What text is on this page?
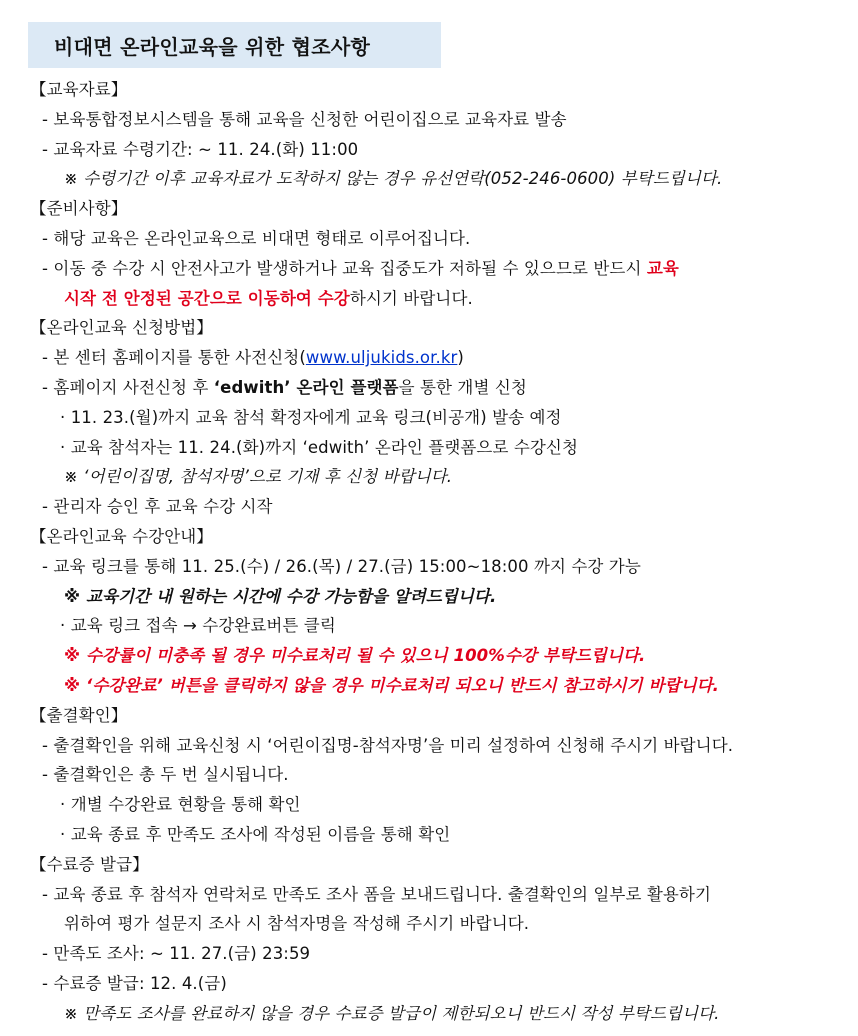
비대면 온라인교육을 위한 협조사항
【교육자료】
- 보육통합정보시스템을 통해 교육을 신청한 어린이집으로 교육자료 발송
- 교육자료 수령기간: ~ 11. 24.(화) 11:00
※ 수령기간 이후 교육자료가 도착하지 않는 경우 유선연락(052-246-0600) 부탁드립니다.
【준비사항】
- 해당 교육은 온라인교육으로 비대면 형태로 이루어집니다.
- 이동 중 수강 시 안전사고가 발생하거나 교육 집중도가 저하될 수 있으므로 반드시 교육
시작 전 안정된 공간으로 이동하여 수강하시기 바랍니다.
【온라인교육 신청방법】
- 본 센터 홈페이지를 통한 사전신청(www.uljukids.or.kr)
- 홈페이지 사전신청 후 ‘edwith’ 온라인 플랫폼을 통한 개별 신청
· 11. 23.(월)까지 교육 참석 확정자에게 교육 링크(비공개) 발송 예정
· 교육 참석자는 11. 24.(화)까지 ‘edwith’ 온라인 플랫폼으로 수강신청
※ ‘어린이집명, 참석자명’으로 기재 후 신청 바랍니다.
- 관리자 승인 후 교육 수강 시작
【온라인교육 수강안내】
- 교육 링크를 통해 11. 25.(수) / 26.(목) / 27.(금) 15:00~18:00 까지 수강 가능
※ 교육기간 내 원하는 시간에 수강 가능함을 알려드립니다.
· 교육 링크 접속 → 수강완료버튼 클릭
※ 수강률이 미충족 될 경우 미수료처리 될 수 있으니 100%수강 부탁드립니다.
※ ‘수강완료’ 버튼을 클릭하지 않을 경우 미수료처리 되오니 반드시 참고하시기 바랍니다.
【출결확인】
- 출결확인을 위해 교육신청 시 ‘어린이집명-참석자명’을 미리 설정하여 신청해 주시기 바랍니다.
- 출결확인은 총 두 번 실시됩니다.
· 개별 수강완료 현황을 통해 확인
· 교육 종료 후 만족도 조사에 작성된 이름을 통해 확인
【수료증 발급】
- 교육 종료 후 참석자 연락처로 만족도 조사 폼을 보내드립니다. 출결확인의 일부로 활용하기
위하여 평가 설문지 조사 시 참석자명을 작성해 주시기 바랍니다.
- 만족도 조사: ~ 11. 27.(금) 23:59
- 수료증 발급: 12. 4.(금)
※ 만족도 조사를 완료하지 않을 경우 수료증 발급이 제한되오니 반드시 작성 부탁드립니다.
